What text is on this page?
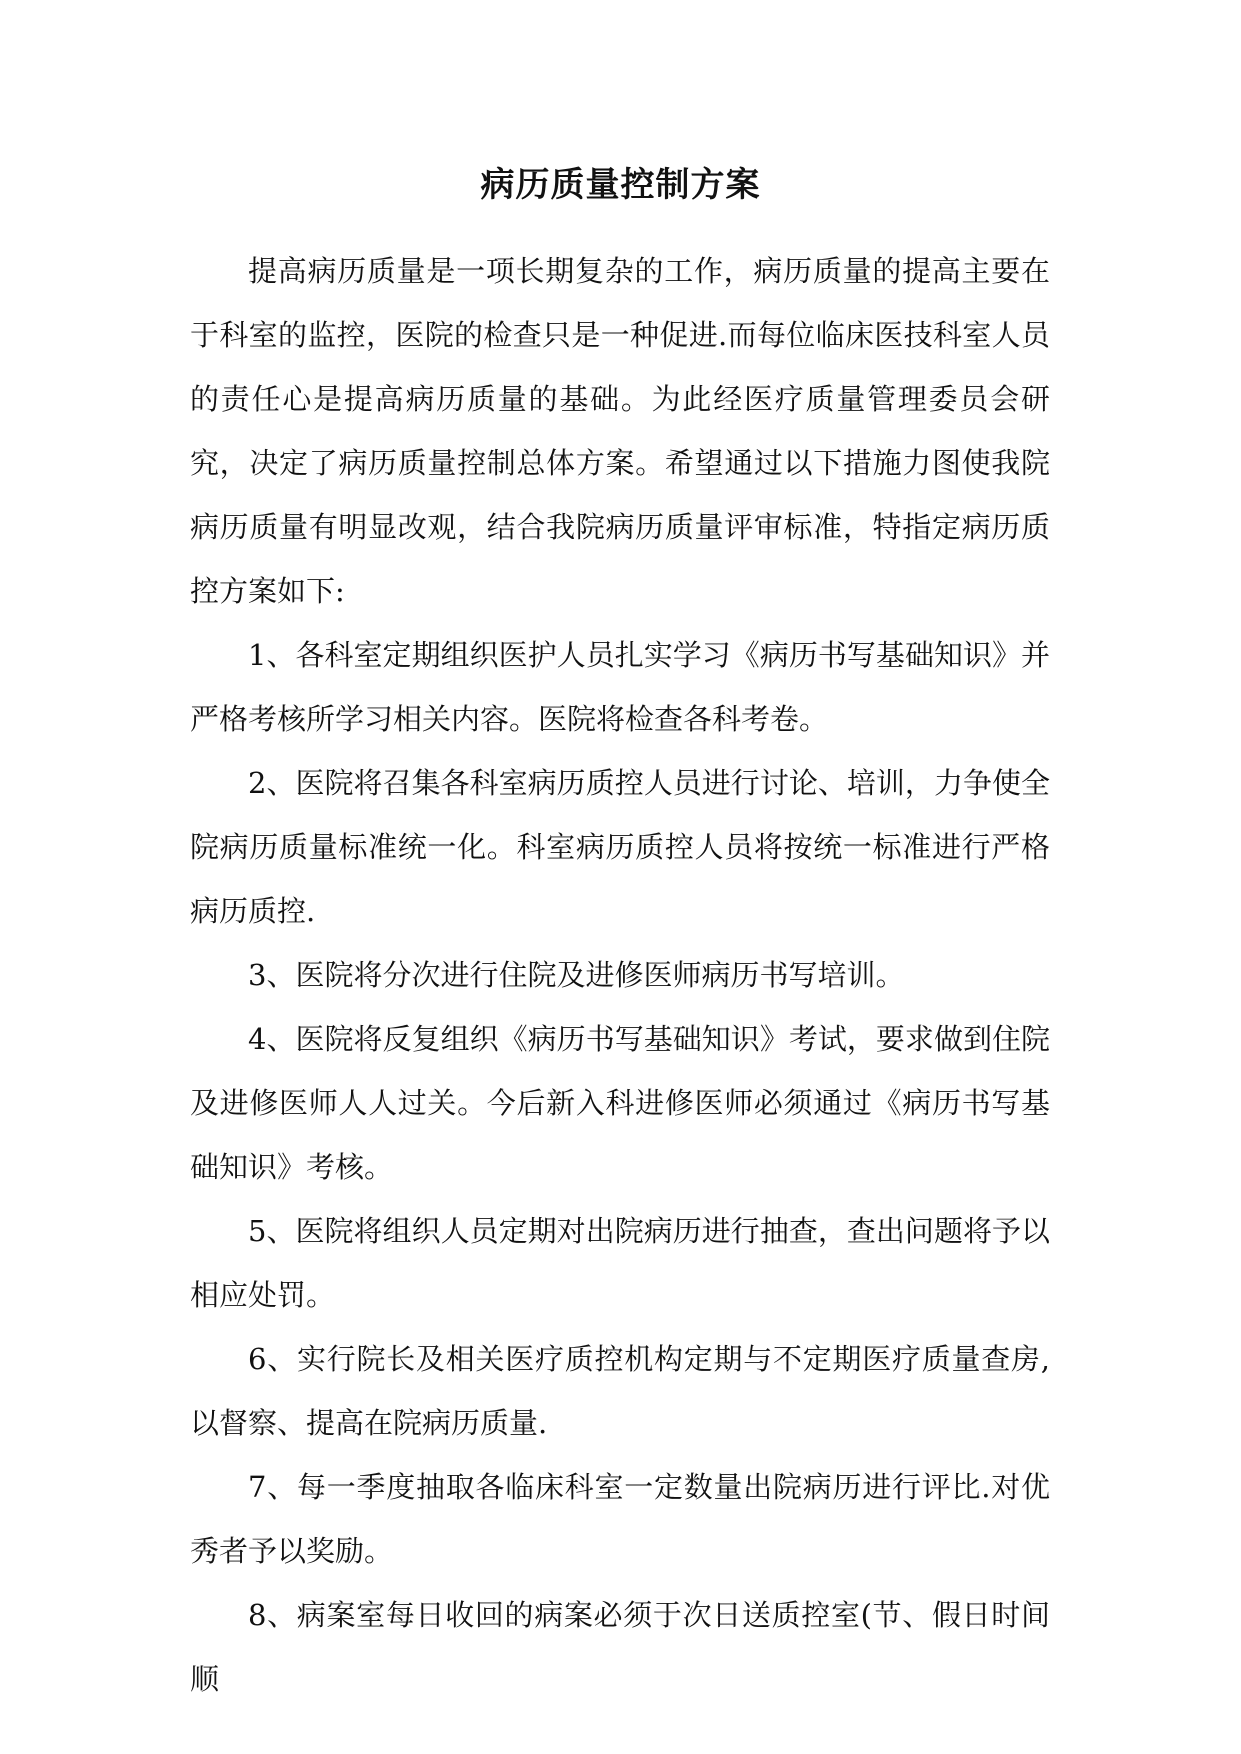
病历质量控制方案

提高病历质量是一项长期复杂的工作，病历质量的提高主要在于科室的监控，医院的检查只是一种促进.而每位临床医技科室人员的责任心是提高病历质量的基础。为此经医疗质量管理委员会研究，决定了病历质量控制总体方案。希望通过以下措施力图使我院病历质量有明显改观，结合我院病历质量评审标准，特指定病历质控方案如下:

1、各科室定期组织医护人员扎实学习《病历书写基础知识》并严格考核所学习相关内容。医院将检查各科考卷。

2、医院将召集各科室病历质控人员进行讨论、培训，力争使全院病历质量标准统一化。科室病历质控人员将按统一标准进行严格病历质控.

3、医院将分次进行住院及进修医师病历书写培训。

4、医院将反复组织《病历书写基础知识》考试，要求做到住院及进修医师人人过关。今后新入科进修医师必须通过《病历书写基础知识》考核。

5、医院将组织人员定期对出院病历进行抽查，查出问题将予以相应处罚。

6、实行院长及相关医疗质控机构定期与不定期医疗质量查房,以督察、提高在院病历质量.

7、每一季度抽取各临床科室一定数量出院病历进行评比.对优秀者予以奖励。

8、病案室每日收回的病案必须于次日送质控室(节、假日时间顺
